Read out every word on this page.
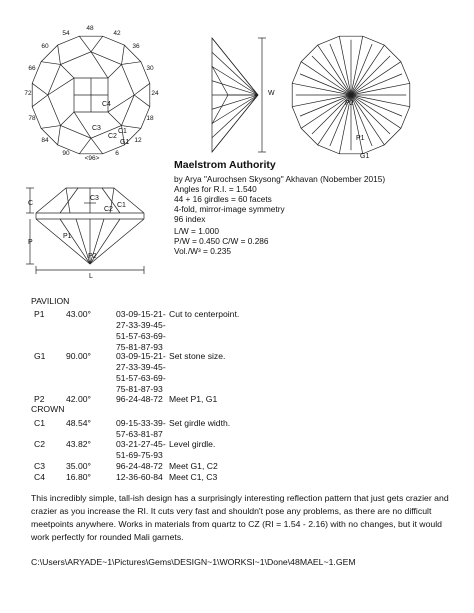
48
54	42
60	36
66	30
72	24
78	18
84	12
90	6
<96>
C4
C3
C2
C1
G1
W
P2
P1
G1
C
P
L
C3
C2
C1
P1
P2
Maelstrom Authority
by Arya "Aurochsen Skysong" Akhavan (Nobember 2015)
Angles for R.I. = 1.540
44 + 16 girdles = 60 facets
4-fold, mirror-image symmetry
96 index
L/W = 1.000
P/W = 0.450 C/W = 0.286
Vol./W³ = 0.235
PAVILION
P1 43.00°	03-09-15-21-
27-33-39-45-
51-57-63-69-
75-81-87-93
Cut to centerpoint.
G1 90.00°	03-09-15-21-
27-33-39-45-
51-57-63-69-
75-81-87-93
Set stone size.
P2 42.00°	96-24-48-72 Meet P1, G1
CROWN
C1 48.54°	09-15-33-39-
57-63-81-87
Set girdle width.
C2 43.82°	03-21-27-45-
51-69-75-93
Level girdle.
C3 35.00°	96-24-48-72 Meet G1, C2
C4 16.80°	12-36-60-84 Meet C1, C3
This incredibly simple, tall-ish design has a surprisingly interesting reflection pattern that just gets crazier and crazier as you increase the RI. It cuts very fast and shouldn't pose any problems, as there are no difficult meetpoints anywhere. Works in materials from quartz to CZ (RI = 1.54 - 2.16) with no changes, but it would work perfectly for rounded Mali garnets.
C:\Users\ARYADE~1\Pictures\Gems\DESIGN~1\WORKSI~1\Done\48MAEL~1.GEM
